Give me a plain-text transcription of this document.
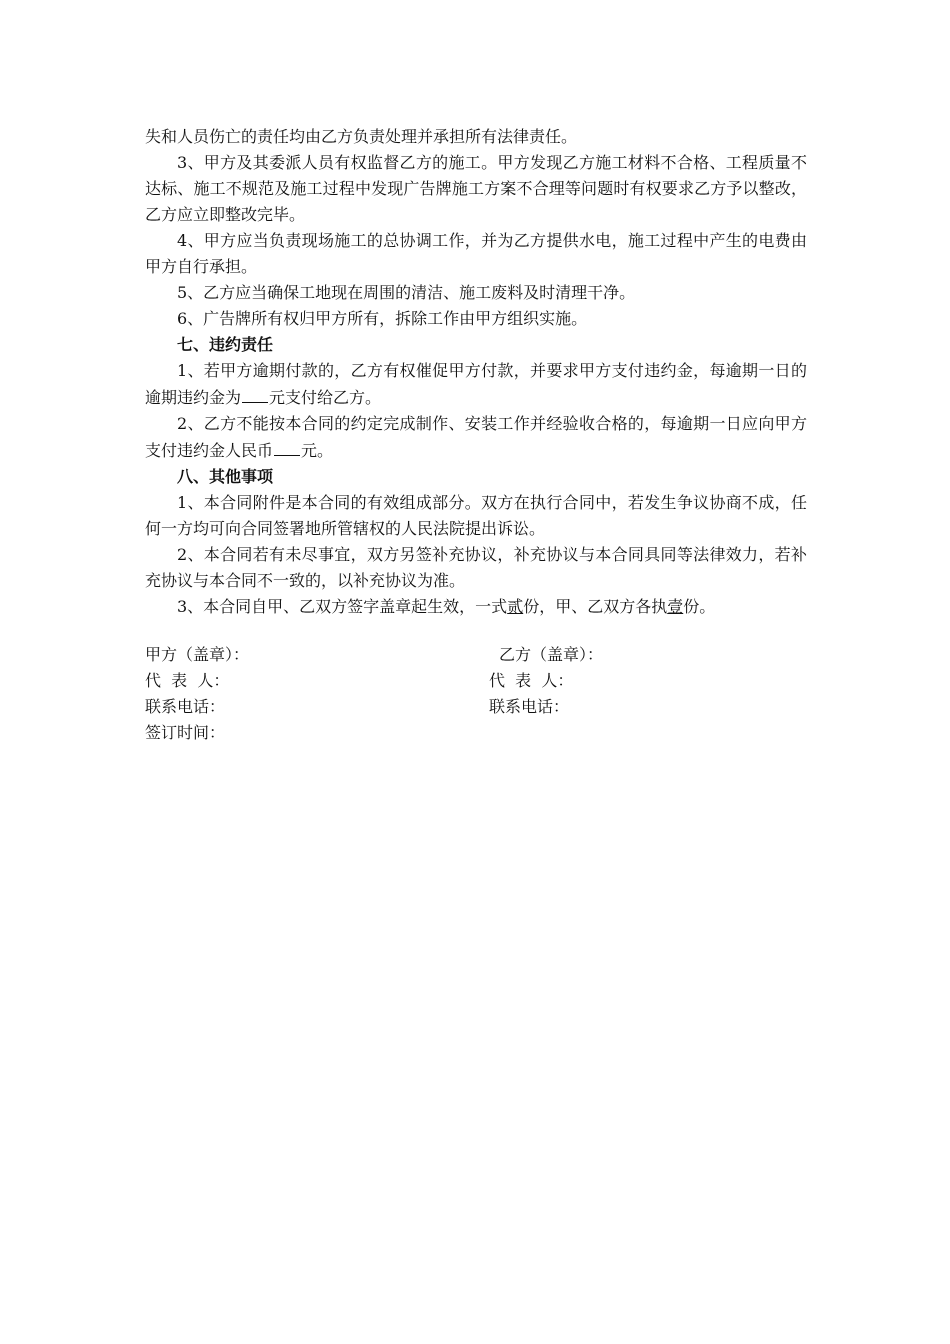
失和人员伤亡的责任均由乙方负责处理并承担所有法律责任。

3、甲方及其委派人员有权监督乙方的施工。甲方发现乙方施工材料不合格、工程质量不达标、施工不规范及施工过程中发现广告牌施工方案不合理等问题时有权要求乙方予以整改，乙方应立即整改完毕。

4、甲方应当负责现场施工的总协调工作，并为乙方提供水电，施工过程中产生的电费由甲方自行承担。

5、乙方应当确保工地现在周围的清洁、施工废料及时清理干净。

6、广告牌所有权归甲方所有，拆除工作由甲方组织实施。

七、违约责任

1、若甲方逾期付款的，乙方有权催促甲方付款，并要求甲方支付违约金，每逾期一日的逾期违约金为 元支付给乙方。

2、乙方不能按本合同的约定完成制作、安装工作并经验收合格的，每逾期一日应向甲方支付违约金人民币 元。

八、其他事项

1、本合同附件是本合同的有效组成部分。双方在执行合同中，若发生争议协商不成，任何一方均可向合同签署地所管辖权的人民法院提出诉讼。

2、本合同若有未尽事宜，双方另签补充协议，补充协议与本合同具同等法律效力，若补充协议与本合同不一致的，以补充协议为准。

3、本合同自甲、乙双方签字盖章起生效，一式贰份，甲、乙双方各执壹份。

甲方（盖章）：	乙方（盖章）：
代  表  人：	代  表  人：
联系电话：	联系电话：
签订时间：
